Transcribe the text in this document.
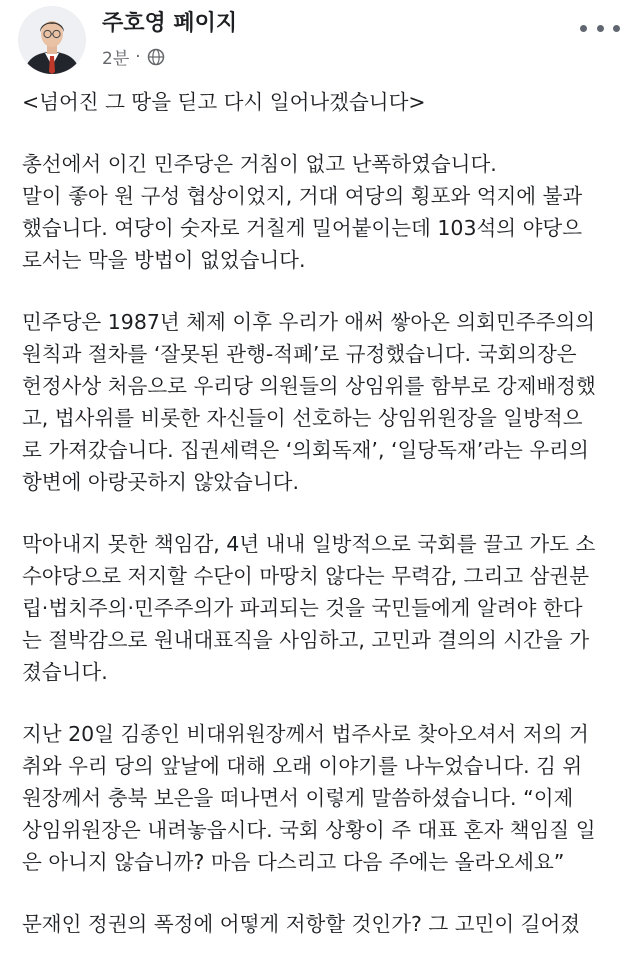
주호영 페이지
2분 ·

<넘어진 그 땅을 딛고 다시 일어나겠습니다>

총선에서 이긴 민주당은 거침이 없고 난폭하였습니다.
말이 좋아 원 구성 협상이었지, 거대 여당의 횡포와 억지에 불과
했습니다. 여당이 숫자로 거칠게 밀어붙이는데 103석의 야당으
로서는 막을 방법이 없었습니다.

민주당은 1987년 체제 이후 우리가 애써 쌓아온 의회민주주의의
원칙과 절차를 ‘잘못된 관행-적폐’로 규정했습니다. 국회의장은
헌정사상 처음으로 우리당 의원들의 상임위를 함부로 강제배정했
고, 법사위를 비롯한 자신들이 선호하는 상임위원장을 일방적으
로 가져갔습니다. 집권세력은 ‘의회독재’, ‘일당독재’라는 우리의
항변에 아랑곳하지 않았습니다.

막아내지 못한 책임감, 4년 내내 일방적으로 국회를 끌고 가도 소
수야당으로 저지할 수단이 마땅치 않다는 무력감, 그리고 삼권분
립·법치주의·민주주의가 파괴되는 것을 국민들에게 알려야 한다
는 절박감으로 원내대표직을 사임하고, 고민과 결의의 시간을 가
졌습니다.

지난 20일 김종인 비대위원장께서 법주사로 찾아오셔서 저의 거
취와 우리 당의 앞날에 대해 오래 이야기를 나누었습니다. 김 위
원장께서 충북 보은을 떠나면서 이렇게 말씀하셨습니다. “이제
상임위원장은 내려놓읍시다. 국회 상황이 주 대표 혼자 책임질 일
은 아니지 않습니까? 마음 다스리고 다음 주에는 올라오세요”

문재인 정권의 폭정에 어떻게 저항할 것인가? 그 고민이 길어졌
